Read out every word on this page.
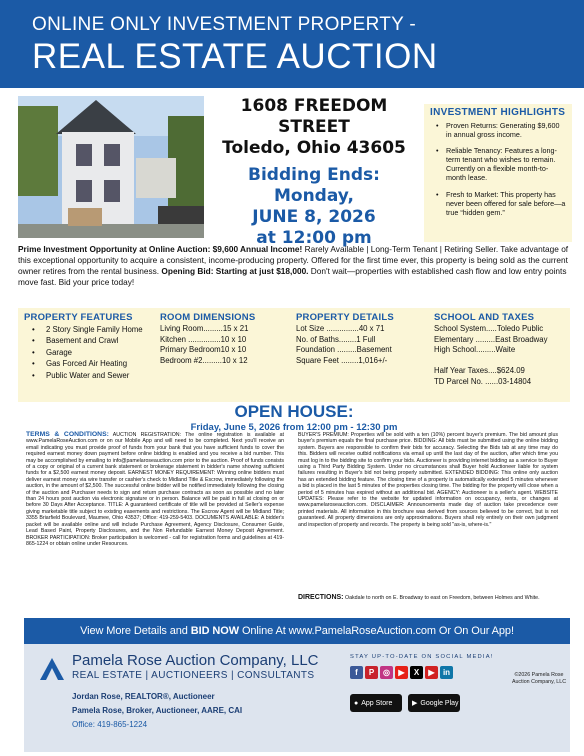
ONLINE ONLY INVESTMENT PROPERTY -
REAL ESTATE AUCTION
1608 FREEDOM STREET
Toledo, Ohio 43605
Bidding Ends:
Monday,
JUNE 8, 2026
at 12:00 pm
INVESTMENT HIGHLIGHTS
• Proven Returns: Generating $9,600 in annual gross income.
• Reliable Tenancy: Features a long-term tenant who wishes to remain. Currently on a flexible month-to-month lease.
• Fresh to Market: This property has never been offered for sale before—a true “hidden gem.”

Prime Investment Opportunity at Online Auction: $9,600 Annual Income! Rarely Available | Long-Term Tenant | Retiring Seller. Take advantage of this exceptional opportunity to acquire a consistent, income-producing property. Offered for the first time ever, this property is being sold as the current owner retires from the rental business. Opening Bid: Starting at just $18,000. Don't wait—properties with established cash flow and low entry points move fast. Bid your price today!

PROPERTY FEATURES
• 2 Story Single Family Home
• Basement and Crawl
• Garage
• Gas Forced Air Heating
• Public Water and Sewer
ROOM DIMENSIONS
Living Room.........15 x 21
Kitchen ...............10 x 10
Primary Bedroom10 x 10
Bedroom #2.........10 x 12
PROPERTY DETAILS
Lot Size ...............40 x 71
No. of Baths........1 Full
Foundation .........Basement
Square Feet ........1,016+/-
SCHOOL AND TAXES
School System.....Toledo Public
Elementary .........East Broadway
High School.........Waite

Half Year Taxes....$624.09
TD Parcel No. ......03-14804
OPEN HOUSE:
Friday, June 5, 2026 from 12:00 pm - 12:30 pm

TERMS & CONDITIONS: AUCTION REGISTRATION: The online registration is available at www.PamelaRoseAuction.com or on our Mobile App and will need to be completed. Next you'll receive an email indicating you must provide proof of funds from your bank that you have sufficient funds to cover the required earnest money down payment before online bidding is enabled and you receive a bid number. This may be accomplished by emailing to info@pamelaroseauction.com prior to the auction. Proof of funds consists of a copy or original of a current bank statement or brokerage statement in bidder's name showing sufficient funds for a $2,500 earnest money deposit. EARNEST MONEY REQUIREMENT: Winning online bidders must deliver earnest money via wire transfer or cashier's check to Midland Title & Escrow, immediately following the auction, in the amount of $2,500. The successful online bidder will be notified immediately following the closing of the auction and Purchaser needs to sign and return purchase contracts as soon as possible and no later than 24 hours post auction via electronic signature or in person. Balance will be paid in full at closing on or before 30 Days After Acceptance. TITLE: A guaranteed certificate of title will be provided at Seller's expense giving marketable title subject to existing easements and restrictions. The Escrow Agent will be Midland Title; 3355 Briarfield Boulevard, Maumee, Ohio 43537; Office: 419-259-5403. DOCUMENTS AVAILABLE: A bidder's packet will be available online and will include Purchase Agreement, Agency Disclosure, Consumer Guide, Lead Based Paint, Property Disclosures, and the Non Refundable Earnest Money Deposit Agreement. BROKER PARTICIPATION: Broker participation is welcomed - call for registration forms and guidelines at 419-865-1224 or obtain online under Resources.

BUYER'S PREMIUM: Properties will be sold with a ten (10%) percent buyer's premium. The bid amount plus buyer's premium equals the final purchase price. BIDDING: All bids must be submitted using the online bidding system. Buyers are responsible to confirm their bids for accuracy. Selecting the Bids tab at any time may do this. Bidders will receive outbid notifications via email up until the last day of the auction, after which time you must log in to the bidding site to confirm your bids. Auctioneer is providing internet bidding as a service to Buyer using a Third Party Bidding System. Under no circumstances shall Buyer hold Auctioneer liable for system failures resulting in Buyer's bid not being properly submitted. EXTENDED BIDDING: This online only auction has an extended bidding feature. The closing time of a property is automatically extended 5 minutes whenever a bid is placed in the last 5 minutes of the properties closing time. The bidding for the property will close when a period of 5 minutes has expired without an additional bid. AGENCY: Auctioneer is a seller's agent. WEBSITE UPDATES: Please refer to the website for updated information on occupancy, rents, or changes at www.pamelaroseauction.com. DISCLAIMER: Announcements made day of auction take precedence over printed materials. All information in this brochure was derived from sources believed to be correct, but is not guaranteed. All property dimensions are only approximations. Buyers shall rely entirely on their own judgment and inspection of property and records. The property is being sold "as-is, where-is."

DIRECTIONS: Oakdale to north on E. Broadway to east on Freedom, between Holmes and White.

View More Details and BID NOW Online At www.PamelaRoseAuction.com Or On Our App!
Pamela Rose Auction Company, LLC
REAL ESTATE | AUCTIONEERS | CONSULTANTS
Jordan Rose, REALTOR®, Auctioneer
Pamela Rose, Broker, Auctioneer, AARE, CAI
Office: 419-865-1224
STAY UP-TO-DATE ON SOCIAL MEDIA!
f	P	◎	▶	X	▶	in
● App Store	▶ Google Play
©2026 Pamela Rose Auction Company, LLC
